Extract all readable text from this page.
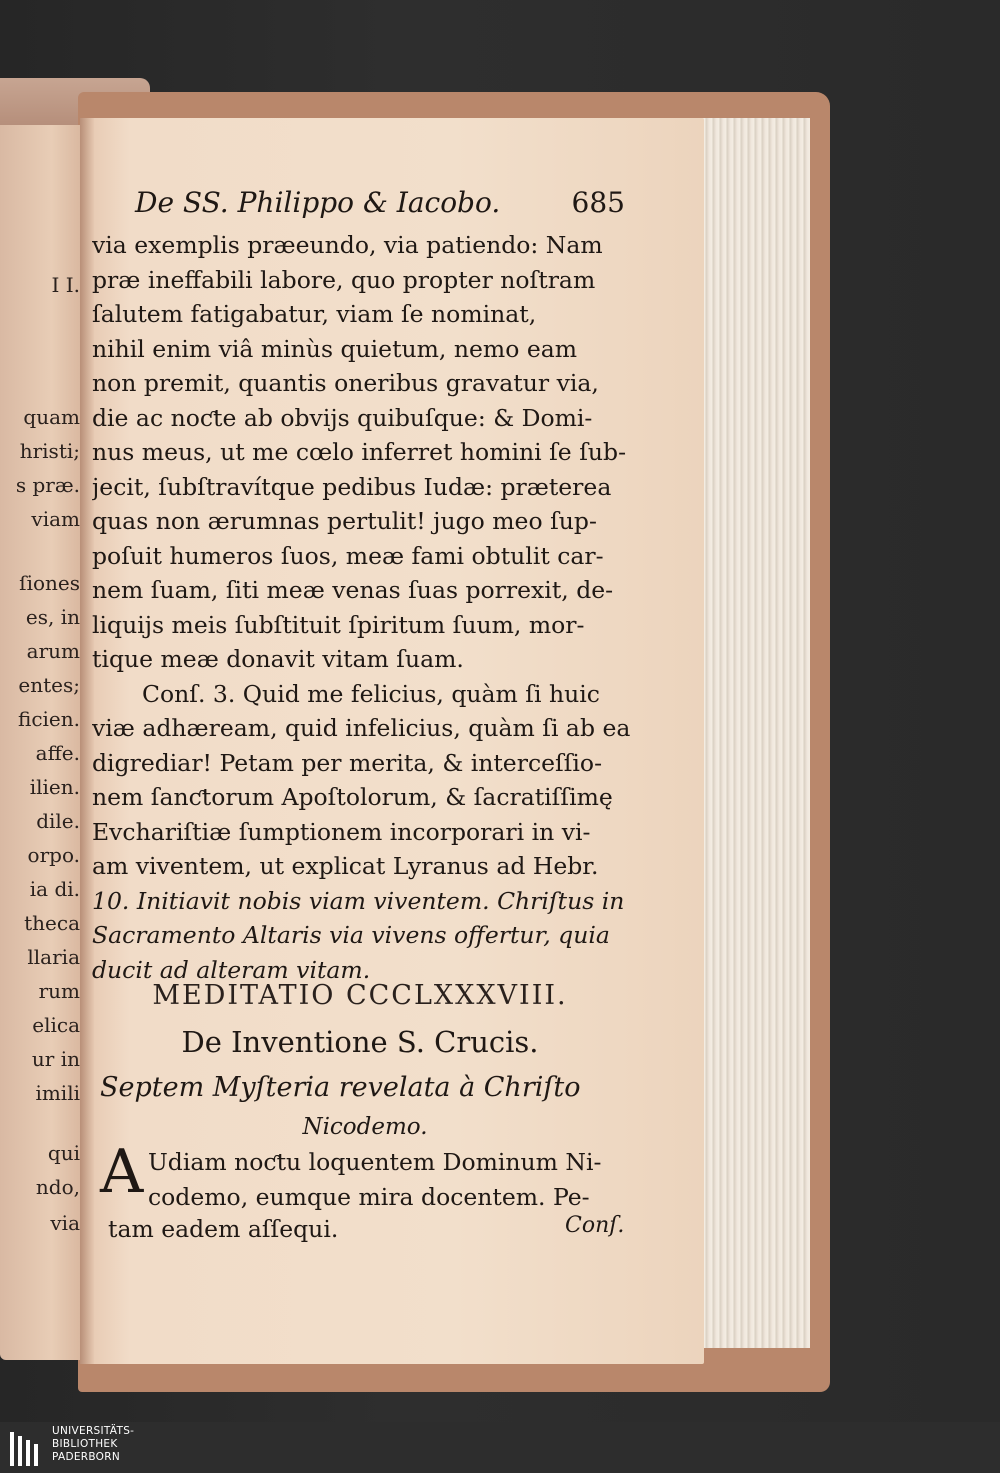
I I.
quam
hristi;
s præ.
viam
ſiones
es, in
arum
entes;
ficien.
affe.
ilien.
dile.
orpo.
ia di.
theca
llaria
rum
elica
ur in
imili
qui
ndo,
via
De SS. Philippo & Iacobo.	685
via exemplis præeundo, via patiendo: Nam
præ ineffabili labore, quo propter noſtram
ſalutem fatigabatur, viam ſe nominat,
nihil enim viâ minùs quietum, nemo eam
non premit, quantis oneribus gravatur via,
die ac noƈte ab obvijs quibuſque: & Domi-
nus meus, ut me cœlo inferret homini ſe ſub-
jecit, ſubſtravítque pedibus Iudæ: præterea
quas non ærumnas pertulit! jugo meo ſup-
poſuit humeros ſuos, meæ fami obtulit car-
nem ſuam, ſiti meæ venas ſuas porrexit, de-
liquijs meis ſubſtituit ſpiritum ſuum, mor-
tique meæ donavit vitam ſuam.
Conſ. 3. Quid me felicius, quàm ſi huic
viæ adhæream, quid infelicius, quàm ſi ab ea
digrediar! Petam per merita, & interceſſio-
nem ſanƈtorum Apoſtolorum, & ſacratiſſimę
Evchariſtiæ ſumptionem incorporari in vi-
am viventem, ut explicat Lyranus ad Hebr.
10. Initiavit nobis viam viventem. Chriſtus in
Sacramento Altaris via vivens offertur, quia
ducit ad alteram vitam.
MEDITATIO CCCLXXXVIII.
De Inventione S. Crucis.
Septem Myſteria revelata à Chriſto
Nicodemo.
A Udiam noƈtu loquentem Dominum Ni-
codemo, eumque mira docentem. Pe-
tam eadem aſſequi.	Conſ.
UNIVERSITÄTS-
BIBLIOTHEK
PADERBORN
